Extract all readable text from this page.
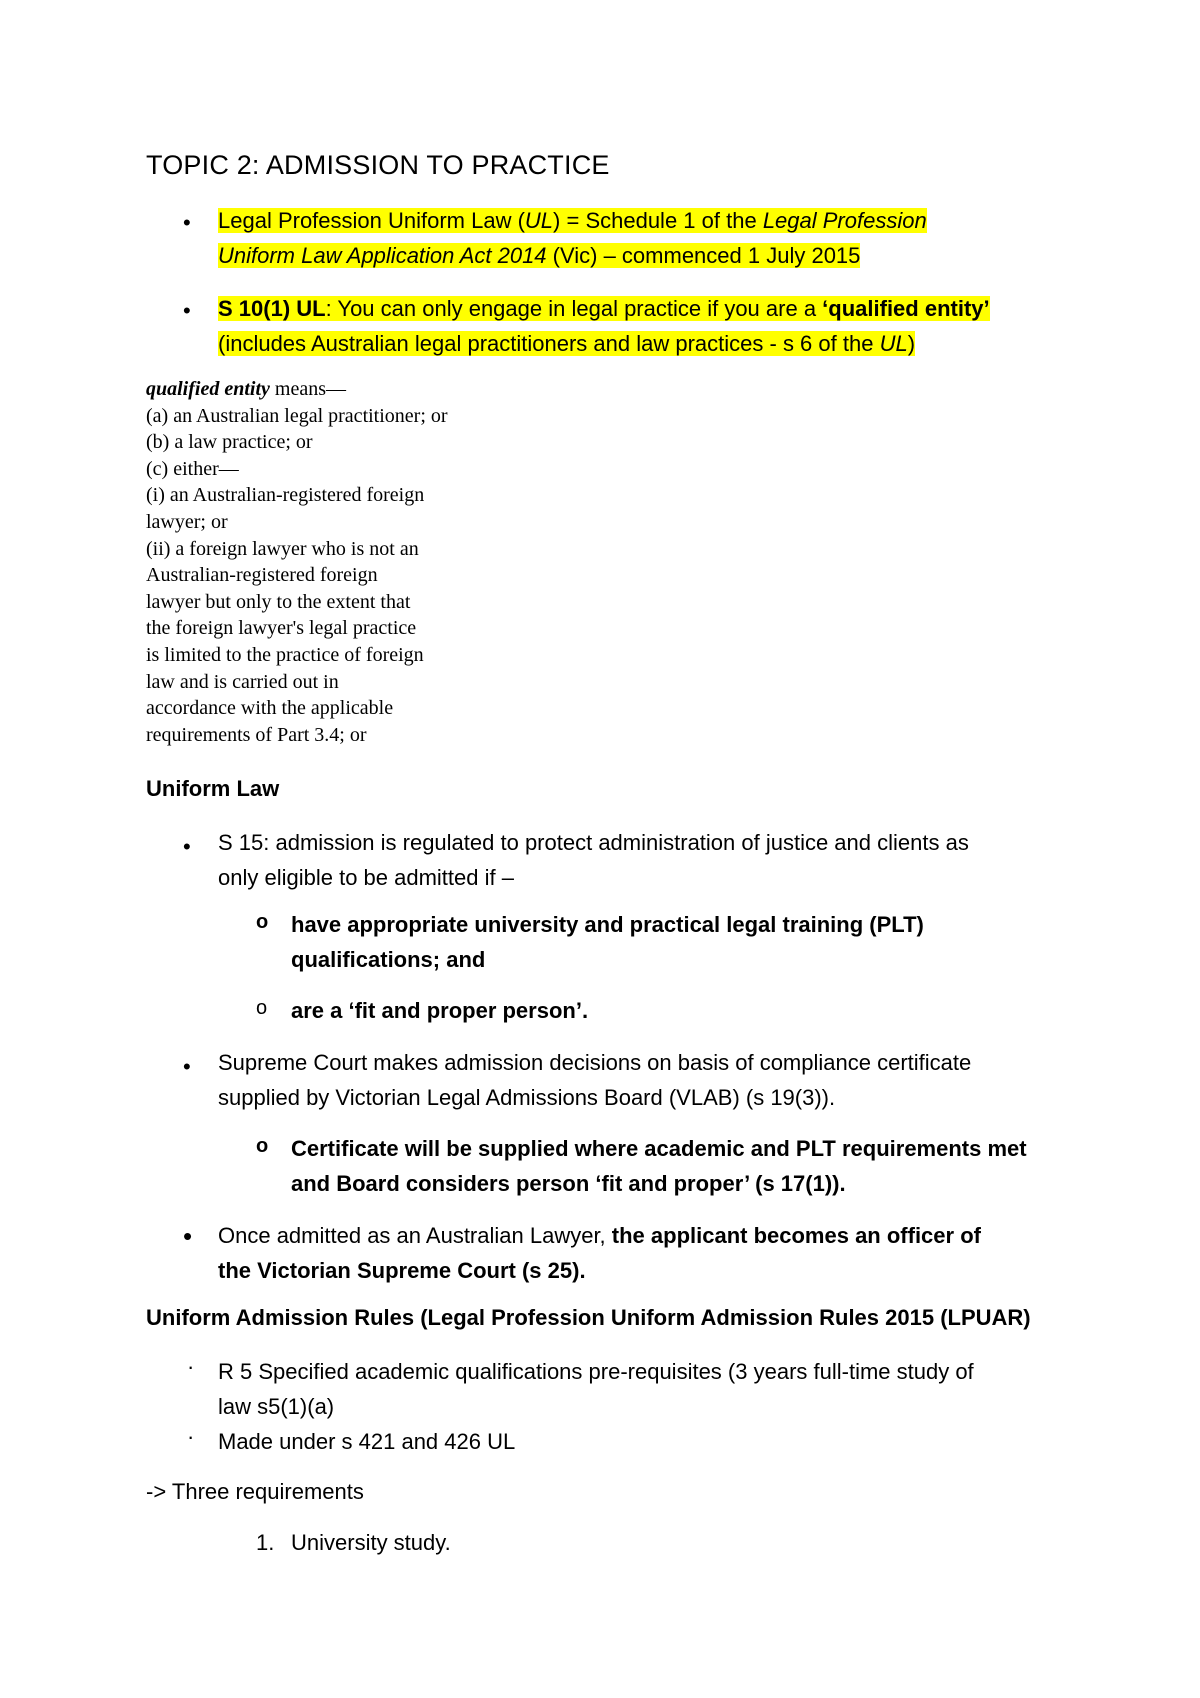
TOPIC 2: ADMISSION TO PRACTICE
• Legal Profession Uniform Law (UL) = Schedule 1 of the Legal Profession
Uniform Law Application Act 2014 (Vic) – commenced 1 July 2015
• S 10(1) UL: You can only engage in legal practice if you are a ‘qualified entity’
(includes Australian legal practitioners and law practices - s 6 of the UL)
qualified entity means—
(a) an Australian legal practitioner; or
(b) a law practice; or
(c) either—
(i) an Australian-registered foreign
lawyer; or
(ii) a foreign lawyer who is not an
Australian-registered foreign
lawyer but only to the extent that
the foreign lawyer's legal practice
is limited to the practice of foreign
law and is carried out in
accordance with the applicable
requirements of Part 3.4; or
Uniform Law
• S 15: admission is regulated to protect administration of justice and clients as
only eligible to be admitted if –
o have appropriate university and practical legal training (PLT)
qualifications; and
o are a ‘fit and proper person’.
• Supreme Court makes admission decisions on basis of compliance certificate
supplied by Victorian Legal Admissions Board (VLAB) (s 19(3)).
o Certificate will be supplied where academic and PLT requirements met
and Board considers person ‘fit and proper’ (s 17(1)).
• Once admitted as an Australian Lawyer, the applicant becomes an officer of
the Victorian Supreme Court (s 25).
Uniform Admission Rules (Legal Profession Uniform Admission Rules 2015 (LPUAR)
· R 5 Specified academic qualifications pre-requisites (3 years full-time study of
law s5(1)(a)
· Made under s 421 and 426 UL
-> Three requirements
1. University study.
